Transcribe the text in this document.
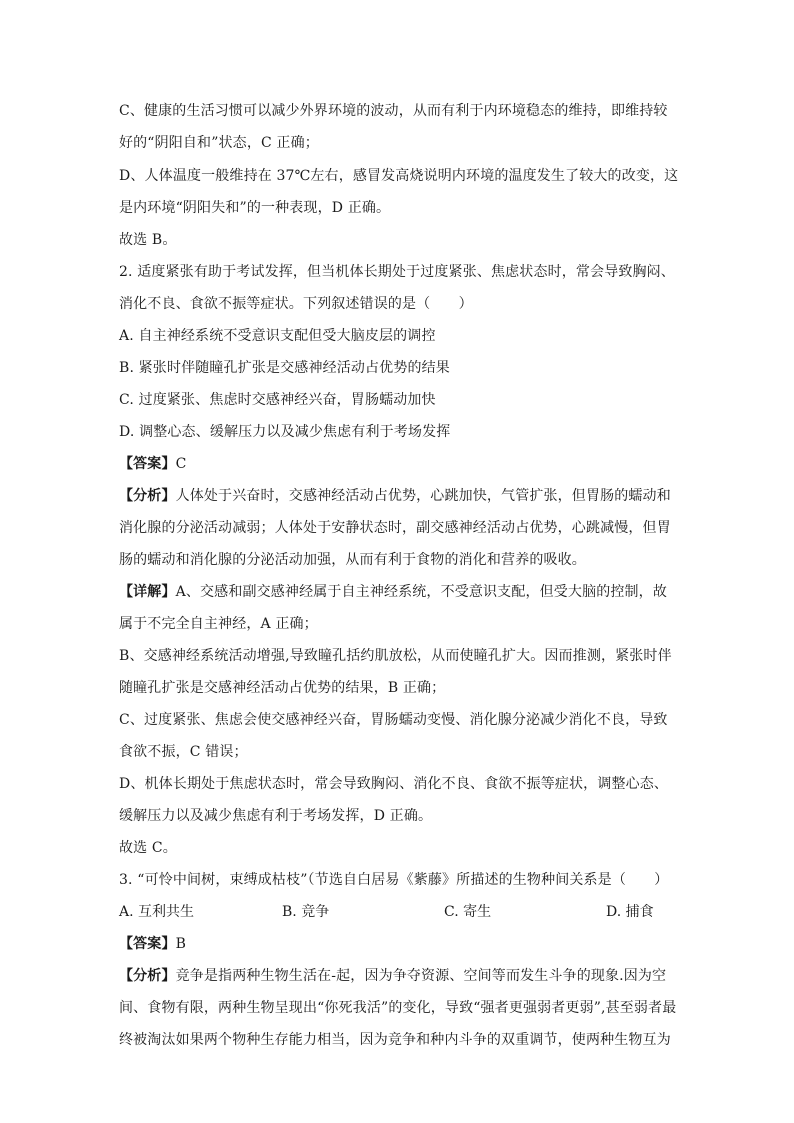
C、健康的生活习惯可以减少外界环境的波动，从而有利于内环境稳态的维持，即维持较
好的“阴阳自和”状态，C 正确；
D、人体温度一般维持在 37℃左右，感冒发高烧说明内环境的温度发生了较大的改变，这
是内环境“阴阳失和”的一种表现，D 正确。
故选 B。
2. 适度紧张有助于考试发挥，但当机体长期处于过度紧张、焦虑状态时，常会导致胸闷、
消化不良、食欲不振等症状。下列叙述错误的是（　　）
A. 自主神经系统不受意识支配但受大脑皮层的调控
B. 紧张时伴随瞳孔扩张是交感神经活动占优势的结果
C. 过度紧张、焦虑时交感神经兴奋，胃肠蠕动加快
D. 调整心态、缓解压力以及减少焦虑有利于考场发挥
【答案】C
【分析】人体处于兴奋时，交感神经活动占优势，心跳加快，气管扩张，但胃肠的蠕动和
消化腺的分泌活动减弱；人体处于安静状态时，副交感神经活动占优势，心跳减慢，但胃
肠的蠕动和消化腺的分泌活动加强，从而有利于食物的消化和营养的吸收。
【详解】A、交感和副交感神经属于自主神经系统，不受意识支配，但受大脑的控制，故
属于不完全自主神经，A 正确；
B、交感神经系统活动增强,导致瞳孔括约肌放松，从而使瞳孔扩大。因而推测，紧张时伴
随瞳孔扩张是交感神经活动占优势的结果，B 正确；
C、过度紧张、焦虑会使交感神经兴奋，胃肠蠕动变慢、消化腺分泌减少消化不良，导致
食欲不振，C 错误；
D、机体长期处于焦虑状态时，常会导致胸闷、消化不良、食欲不振等症状，调整心态、
缓解压力以及减少焦虑有利于考场发挥，D 正确。
故选 C。
3. “可怜中间树，束缚成枯枝”（节选自白居易《紫藤》所描述的生物种间关系是（　　）
A. 互利共生	B. 竞争	C. 寄生	D. 捕食
【答案】B
【分析】竞争是指两种生物生活在-起，因为争夺资源、空间等而发生斗争的现象.因为空
间、食物有限，两种生物呈现出“你死我活”的变化，导致“强者更强弱者更弱”,甚至弱者最
终被淘汰如果两个物种生存能力相当，因为竞争和种内斗争的双重调节，使两种生物互为
